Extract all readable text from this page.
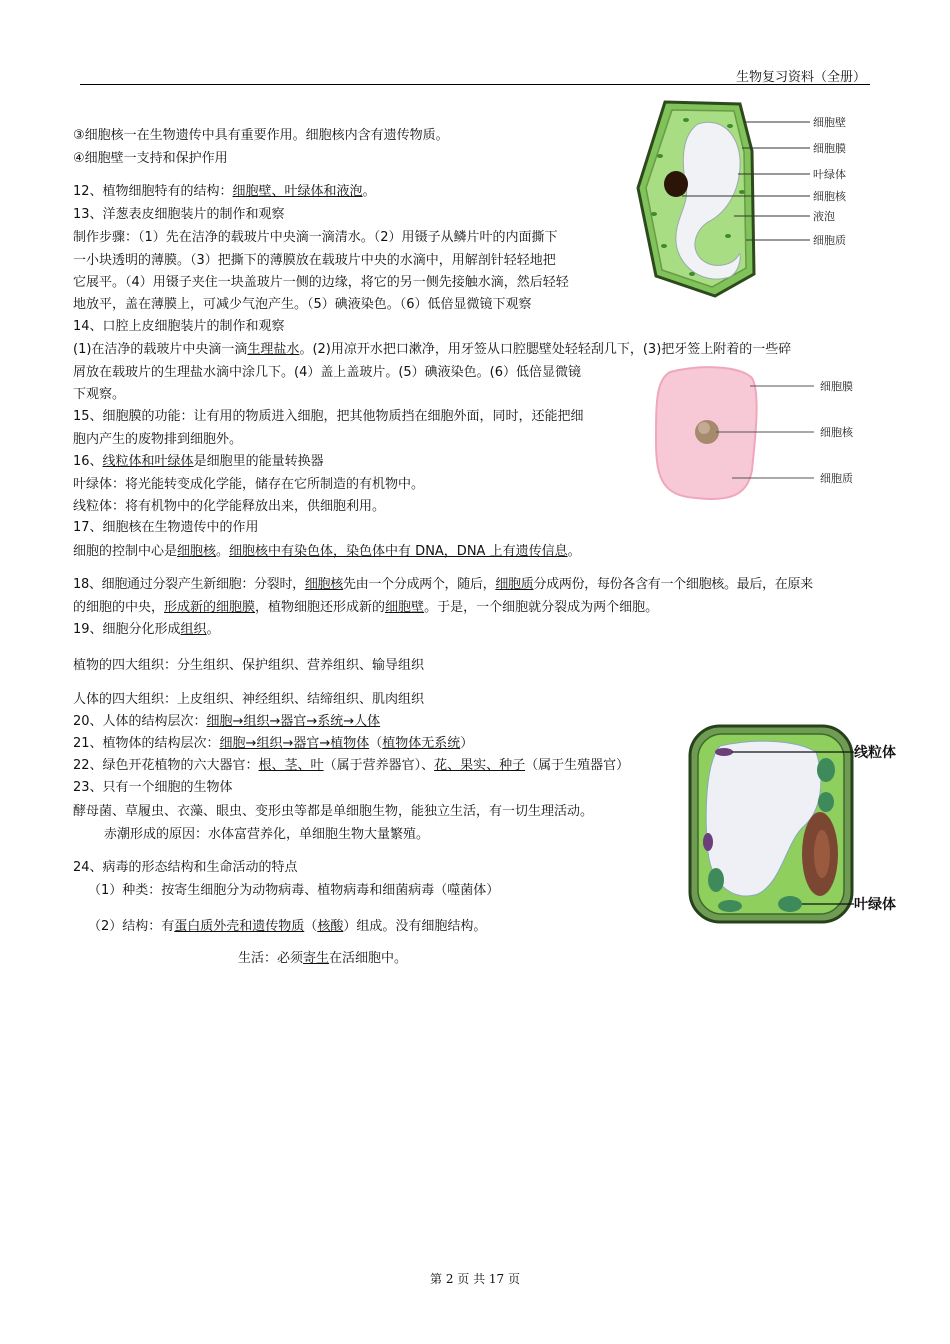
生物复习资料（全册）
③细胞核一在生物遗传中具有重要作用。细胞核内含有遗传物质。
④细胞壁一支持和保护作用
12、植物细胞特有的结构：细胞壁、叶绿体和液泡。
13、洋葱表皮细胞装片的制作和观察
制作步骤：（1）先在洁净的载玻片中央滴一滴清水。（2）用镊子从鳞片叶的内面撕下
一小块透明的薄膜。（3）把撕下的薄膜放在载玻片中央的水滴中，用解剖针轻轻地把
它展平。（4）用镊子夹住一块盖玻片一侧的边缘，将它的另一侧先接触水滴，然后轻轻
地放平，盖在薄膜上，可减少气泡产生。（5）碘液染色。（6）低倍显微镜下观察
14、口腔上皮细胞装片的制作和观察
(1)在洁净的载玻片中央滴一滴生理盐水。(2)用凉开水把口漱净，用牙签从口腔腮壁处轻轻刮几下，(3)把牙签上附着的一些碎
屑放在载玻片的生理盐水滴中涂几下。(4）盖上盖玻片。(5）碘液染色。(6）低倍显微镜
下观察。
15、细胞膜的功能：让有用的物质进入细胞，把其他物质挡在细胞外面，同时，还能把细
胞内产生的废物排到细胞外。
16、线粒体和叶绿体是细胞里的能量转换器
叶绿体：将光能转变成化学能，储存在它所制造的有机物中。
线粒体：将有机物中的化学能释放出来，供细胞利用。
17、细胞核在生物遗传中的作用
细胞的控制中心是细胞核。细胞核中有染色体，染色体中有 DNA，DNA 上有遗传信息。
18、细胞通过分裂产生新细胞：分裂时，细胞核先由一个分成两个，随后，细胞质分成两份，每份各含有一个细胞核。最后，在原来
的细胞的中央，形成新的细胞膜，植物细胞还形成新的细胞壁。于是，一个细胞就分裂成为两个细胞。
19、细胞分化形成组织。
植物的四大组织：分生组织、保护组织、营养组织、输导组织
人体的四大组织：上皮组织、神经组织、结缔组织、肌肉组织
20、人体的结构层次：细胞→组织→器官→系统→人体
21、植物体的结构层次：细胞→组织→器官→植物体（植物体无系统）
22、绿色开花植物的六大器官：根、茎、叶（属于营养器官）、花、果实、种子（属于生殖器官）
23、只有一个细胞的生物体
酵母菌、草履虫、衣藻、眼虫、变形虫等都是单细胞生物，能独立生活，有一切生理活动。
赤潮形成的原因：水体富营养化，单细胞生物大量繁殖。
24、病毒的形态结构和生命活动的特点
（1）种类：按寄生细胞分为动物病毒、植物病毒和细菌病毒（噬菌体）
（2）结构：有蛋白质外壳和遗传物质（核酸）组成。没有细胞结构。
生活：必须寄生在活细胞中。
细胞壁
细胞膜
叶绿体
细胞核
液泡
细胞质
细胞膜
细胞核
细胞质
线粒体
叶绿体
第 2 页 共 17 页
